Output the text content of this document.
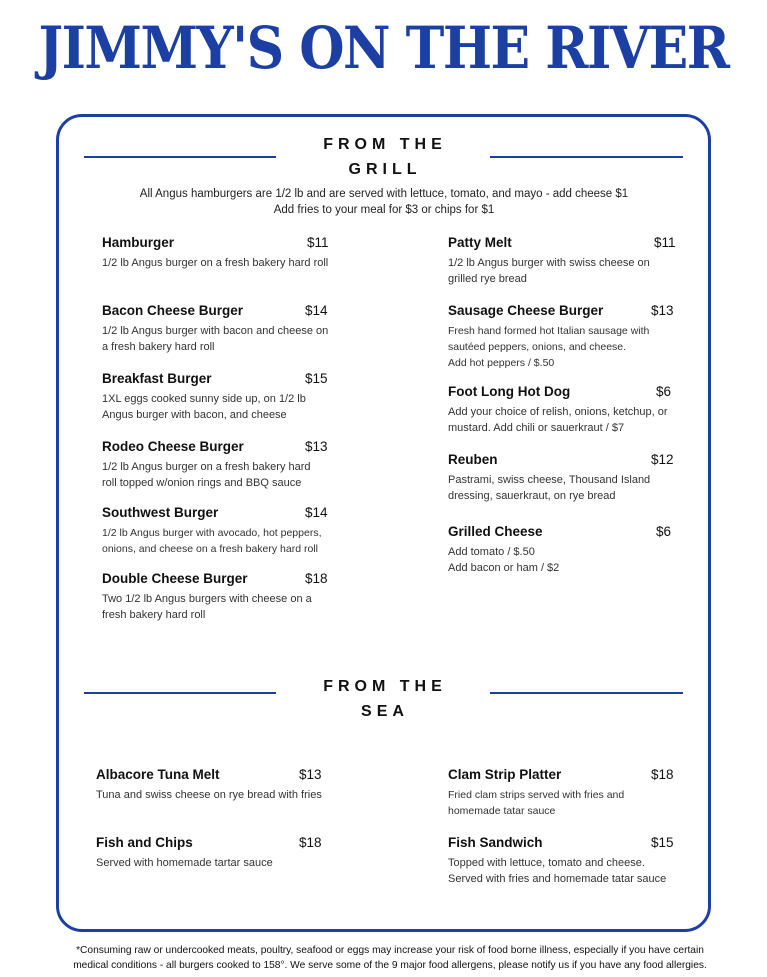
JIMMY'S ON THE RIVER
FROM THE
GRILL
All Angus hamburgers are 1/2 lb and are served with lettuce, tomato, and mayo - add cheese $1
Add fries to your meal for $3 or chips for $1
Hamburger	$11
1/2 lb Angus burger on a fresh bakery hard roll
Bacon Cheese Burger	$14
1/2 lb Angus burger with bacon and cheese on a fresh bakery hard roll
Breakfast Burger	$15
1XL eggs cooked sunny side up, on 1/2 lb Angus burger with bacon, and cheese
Rodeo Cheese Burger	$13
1/2 lb Angus burger on a fresh bakery hard roll topped w/onion rings and BBQ sauce
Southwest Burger	$14
1/2 lb Angus burger with avocado, hot peppers, onions, and cheese on a fresh bakery hard roll
Double Cheese Burger	$18
Two 1/2 lb Angus burgers with cheese on a fresh bakery hard roll
Patty Melt	$11
1/2 lb Angus burger with swiss cheese on grilled rye bread
Sausage Cheese Burger	$13
Fresh hand formed hot Italian sausage with sautéed peppers, onions, and cheese.
Add hot peppers / $.50
Foot Long Hot Dog	$6
Add your choice of relish, onions, ketchup, or mustard. Add chili or sauerkraut / $7
Reuben	$12
Pastrami, swiss cheese, Thousand Island dressing, sauerkraut, on rye bread
Grilled Cheese	$6
Add tomato / $.50
Add bacon or ham / $2
FROM THE
SEA
Albacore Tuna Melt	$13
Tuna and swiss cheese on rye bread with fries
Fish and Chips	$18
Served with homemade tartar sauce
Clam Strip Platter	$18
Fried clam strips served with fries and homemade tatar sauce
Fish Sandwich	$15
Topped with lettuce, tomato and cheese.
Served with fries and homemade tatar sauce
*Consuming raw or undercooked meats, poultry, seafood or eggs may increase your risk of food borne illness, especially if you have certain
medical conditions - all burgers cooked to 158°. We serve some of the 9 major food allergens, please notify us if you have any food allergies.
